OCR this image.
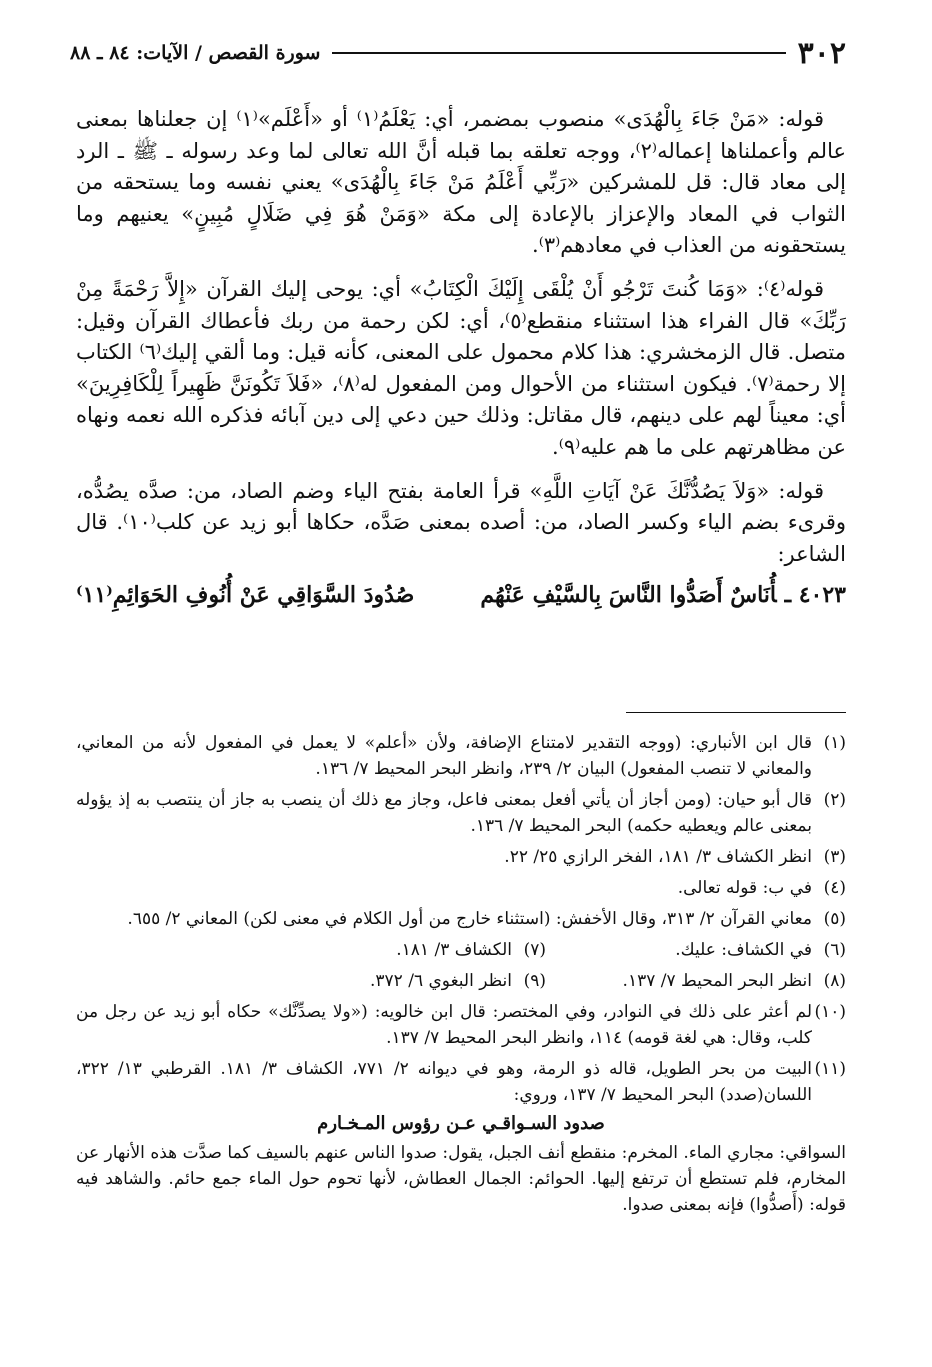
٣٠٢
سورة القصص / الآيات: ٨٤ ـ ٨٨

قوله: «مَنْ جَاءَ بِالْهُدَى» منصوب بمضمر، أي: يَعْلَمُ⁽١⁾ أو «أَعْلَم»⁽١⁾ إن جعلناها بمعنى عالم وأعملناها إعماله⁽٢⁾، ووجه تعلقه بما قبله أنَّ الله تعالى لما وعد رسوله ـ ﷺ ـ الرد إلى معاد قال: قل للمشركين «رَبِّي أَعْلَمُ مَنْ جَاءَ بِالْهُدَى» يعني نفسه وما يستحقه من الثواب في المعاد والإعزاز بالإعادة إلى مكة «وَمَنْ هُوَ فِي ضَلَالٍ مُبِينٍ» يعنيهم وما يستحقونه من العذاب في معادهم⁽٣⁾.

قوله⁽٤⁾: «وَمَا كُنتَ تَرْجُو أَنْ يُلْقَى إِلَيْكَ الْكِتَابُ» أي: يوحى إليك القرآن «إِلاَّ رَحْمَةً مِنْ رَبِّكَ» قال الفراء هذا استثناء منقطع⁽٥⁾، أي: لكن رحمة من ربك فأعطاك القرآن وقيل: متصل. قال الزمخشري: هذا كلام محمول على المعنى، كأنه قيل: وما ألقي إليك⁽٦⁾ الكتاب إلا رحمة⁽٧⁾. فيكون استثناء من الأحوال ومن المفعول له⁽٨⁾، «فَلاَ تَكُونَنَّ ظَهِيراً لِلْكَافِرِينَ» أي: معيناً لهم على دينهم، قال مقاتل: وذلك حين دعي إلى دين آبائه فذكره الله نعمه ونهاه عن مظاهرتهم على ما هم عليه⁽٩⁾.

قوله: «وَلاَ يَصُدُّنَّكَ عَنْ آيَاتِ اللَّهِ» قرأ العامة بفتح الياء وضم الصاد، من: صدَّه يصُدُّه، وقرىء بضم الياء وكسر الصاد، من: أصده بمعنى صَدَّه، حكاها أبو زيد عن كلب⁽١٠⁾. قال الشاعر:

٤٠٢٣ ـأُنَاسٌ أَصَدُّوا النَّاسَ بِالسَّيْفِ عَنْهُم
صُدُودَ السَّوَاقِي عَنْ أُنُوفِ الحَوَائِمِ⁽١١⁾
(١)
قال ابن الأنباري: (ووجه التقدير لامتناع الإضافة، ولأن «أعلم» لا يعمل في المفعول لأنه من المعاني، والمعاني لا تنصب المفعول) البيان ٢/ ٢٣٩، وانظر البحر المحيط ٧/ ١٣٦.
(٢)
قال أبو حيان: (ومن أجاز أن يأتي أفعل بمعنى فاعل، وجاز مع ذلك أن ينصب به جاز أن ينتصب به إذ يؤوله بمعنى عالم ويعطيه حكمه) البحر المحيط ٧/ ١٣٦.
(٣)
انظر الكشاف ٣/ ١٨١، الفخر الرازي ٢٥/ ٢٢.
(٤)
في ب: قوله تعالى.
(٥)
معاني القرآن ٢/ ٣١٣، وقال الأخفش: (استثناء خارج من أول الكلام في معنى لكن) المعاني ٢/ ٦٥٥.
(٦)
في الكشاف: عليك.
(٧)
الكشاف ٣/ ١٨١.
(٨)
انظر البحر المحيط ٧/ ١٣٧.
(٩)
انظر البغوي ٦/ ٣٧٢.
(١٠)
لم أعثر على ذلك في النوادر، وفي المختصر: قال ابن خالويه: («ولا يصدِّنَّك» حكاه أبو زيد عن رجل من كلب، وقال: هي لغة قومه) ١١٤، وانظر البحر المحيط ٧/ ١٣٧.
(١١)
البيت من بحر الطويل، قاله ذو الرمة، وهو في ديوانه ٢/ ٧٧١، الكشاف ٣/ ١٨١. القرطبي ١٣/ ٣٢٢، اللسان(صدد) البحر المحيط ٧/ ١٣٧، وروي:
صدود السـواقـي عـن رؤوس المـخـارم

السواقي: مجاري الماء. المخرم: منقطع أنف الجبل، يقول: صدوا الناس عنهم بالسيف كما صدَّت هذه الأنهار عن المخارم، فلم تستطع أن ترتفع إليها. الحوائم: الجمال العطاش، لأنها تحوم حول الماء جمع حائم. والشاهد فيه قوله: (أَصدُّوا) فإنه بمعنى صدوا.
